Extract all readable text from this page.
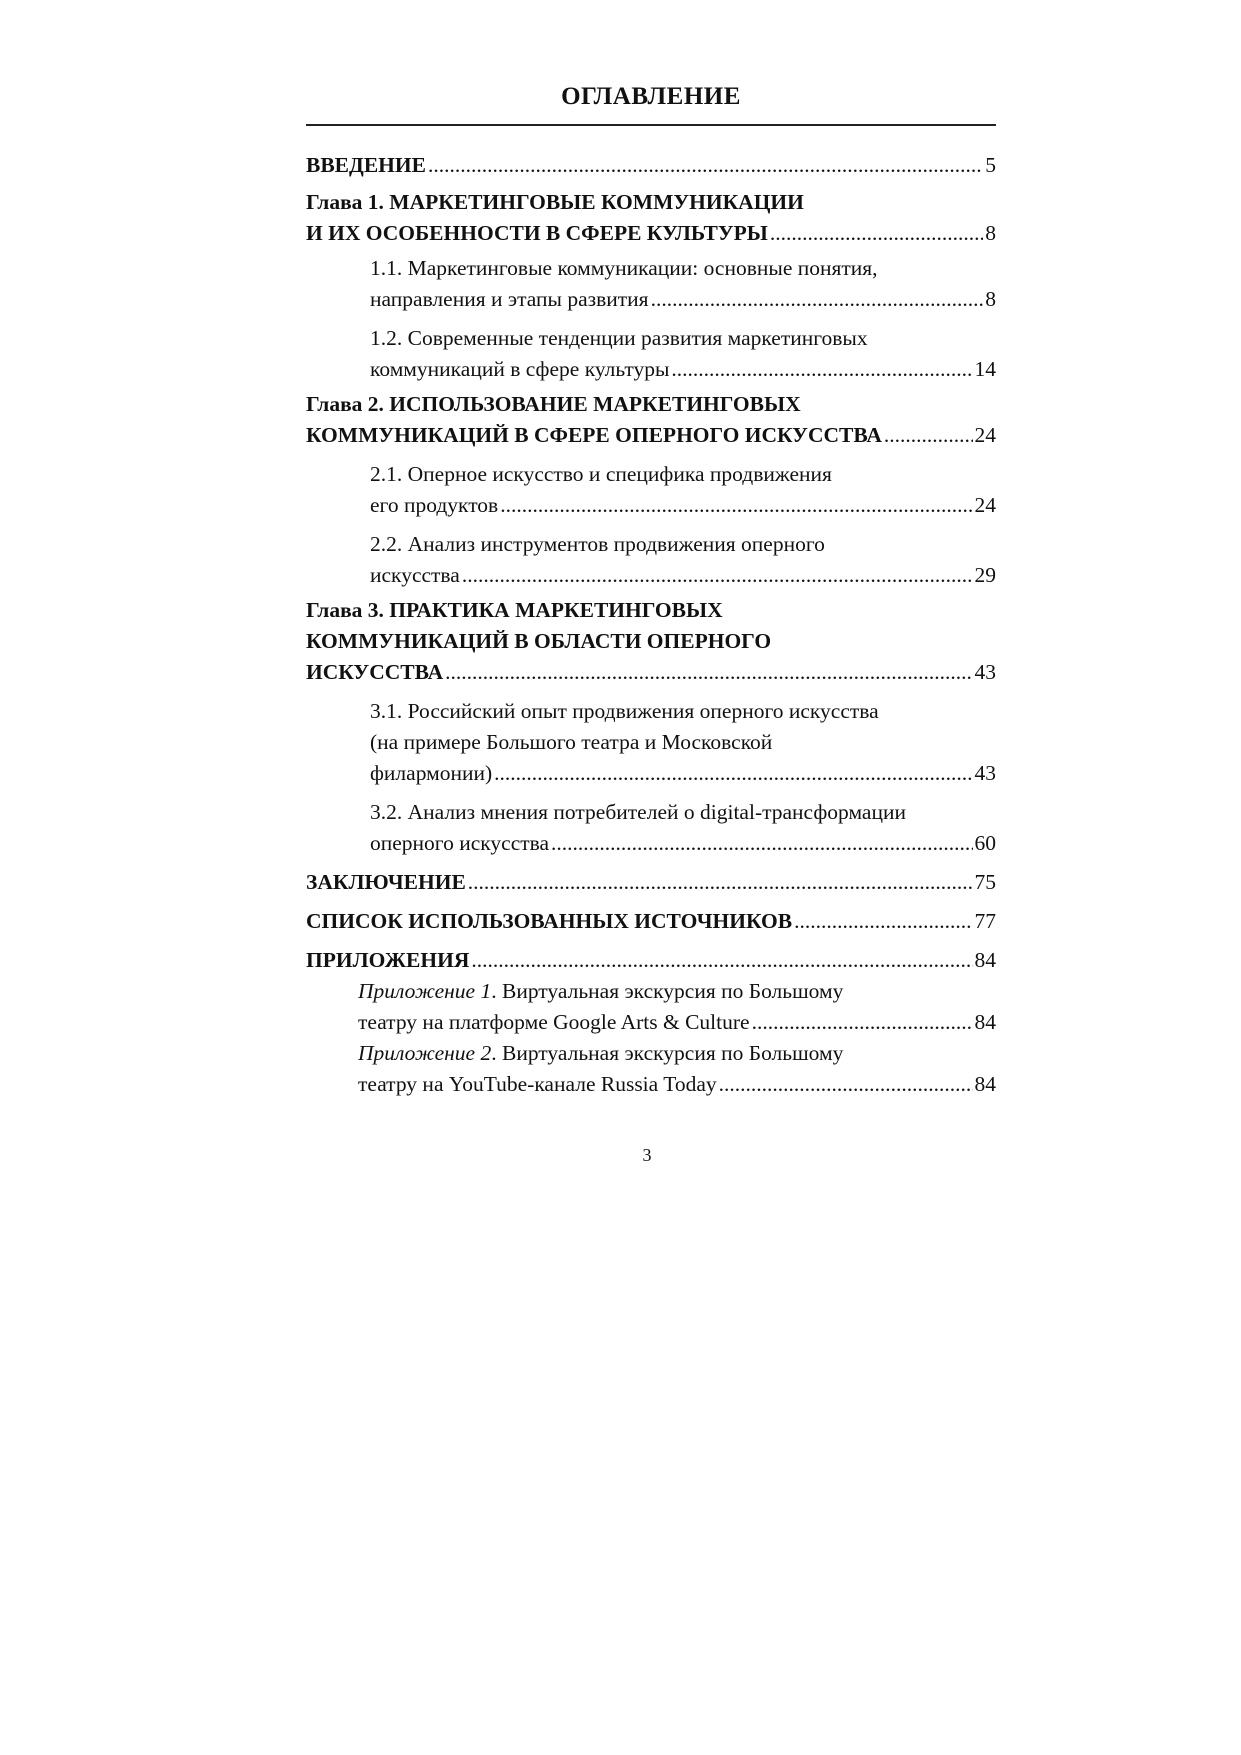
ОГЛАВЛЕНИЕ
ВВЕДЕНИЕ .....	5
Глава 1. МАРКЕТИНГОВЫЕ КОММУНИКАЦИИ
И ИХ ОСОБЕННОСТИ В СФЕРЕ КУЛЬТУРЫ .....	8
1.1. Маркетинговые коммуникации: основные понятия,
направления и этапы развития .....	8
1.2. Современные тенденции развития маркетинговых
коммуникаций в сфере культуры .....	14
Глава 2. ИСПОЛЬЗОВАНИЕ МАРКЕТИНГОВЫХ
КОММУНИКАЦИЙ В СФЕРЕ ОПЕРНОГО ИСКУССТВА .....	24
2.1. Оперное искусство и специфика продвижения
его продуктов .....	24
2.2. Анализ инструментов продвижения оперного
искусства .....	29
Глава 3. ПРАКТИКА МАРКЕТИНГОВЫХ
КОММУНИКАЦИЙ В ОБЛАСТИ ОПЕРНОГО
ИСКУССТВА .....	43
3.1. Российский опыт продвижения оперного искусства
(на примере Большого театра и Московской
филармонии) .....	43
3.2. Анализ мнения потребителей о digital-трансформации
оперного искусства .....	60
ЗАКЛЮЧЕНИЕ .....	75
СПИСОК ИСПОЛЬЗОВАННЫХ ИСТОЧНИКОВ .....	77
ПРИЛОЖЕНИЯ .....	84
Приложение 1. Виртуальная экскурсия по Большому
театру на платформе Google Arts & Culture .....	84
Приложение 2. Виртуальная экскурсия по Большому
театру на YouTube-канале Russia Today .....	84
3
